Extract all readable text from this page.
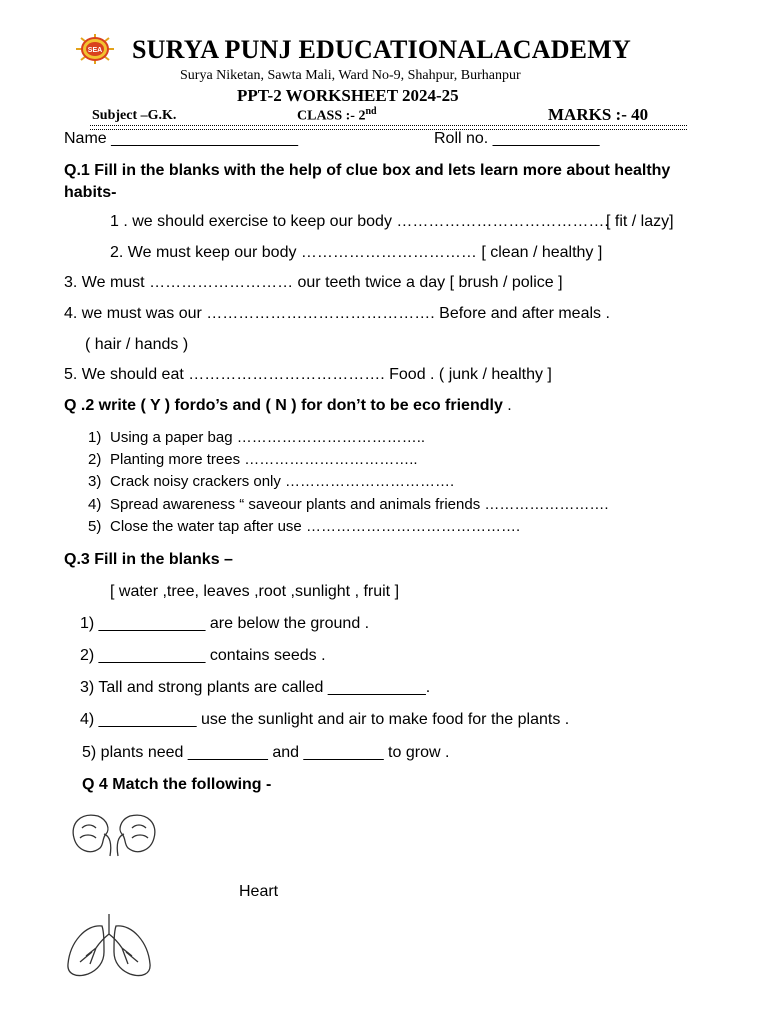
SEA SURYA PUNJ EDUCATIONALACADEMY
Surya Niketan, Sawta Mali, Ward No-9, Shahpur, Burhanpur
PPT-2 WORKSHEET 2024-25
Subject –G.K.	CLASS :- 2nd	MARKS :- 40
Name _____________________	Roll no. ____________
Q.1 Fill in the blanks with the help of clue box and lets learn more about healthy
habits-
1 . we should exercise to keep our body ………………………………….
[ fit / lazy]
2. We must keep our body …………………………… [ clean / healthy ]
3. We must ……………………… our teeth twice a day [ brush / police ]
4. we must was our ……………………………………. Before and after meals .
( hair / hands )
5. We should eat ………………………………. Food . ( junk / healthy ]
Q .2 write ( Y ) fordo’s and ( N ) for don’t to be eco friendly .
1) Using a paper bag ………………………………..
2) Planting more trees ……………………………..
3) Crack noisy crackers only …………………………….
4) Spread awareness “ saveour plants and animals friends …………………….
5) Close the water tap after use …………………………………….
Q.3 Fill in the blanks –
[ water ,tree, leaves ,root ,sunlight , fruit ]
1) ____________ are below the ground .
2) ____________ contains seeds .
3) Tall and strong plants are called ___________.
4) ___________ use the sunlight and air to make food for the plants .
5) plants need _________ and _________ to grow .
Q 4 Match the following -
Heart
